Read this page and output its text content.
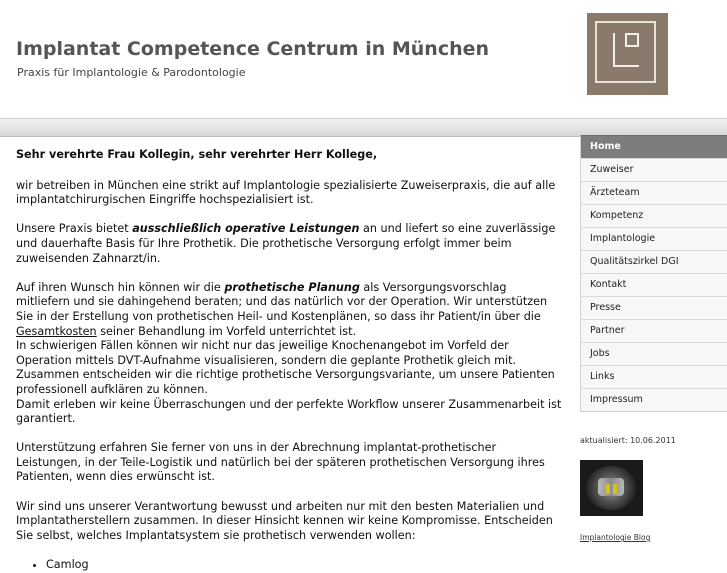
Implantat Competence Centrum in München
Praxis für Implantologie & Parodontologie

Sehr verehrte Frau Kollegin, sehr verehrter Herr Kollege,

wir betreiben in München eine strikt auf Implantologie spezialisierte Zuweiserpraxis, die auf alle implantatchirurgischen Eingriffe hochspezialisiert ist.

Unsere Praxis bietet ausschließlich operative Leistungen an und liefert so eine zuverlässige und dauerhafte Basis für Ihre Prothetik. Die prothetische Versorgung erfolgt immer beim zuweisenden Zahnarzt/in.

Auf ihren Wunsch hin können wir die prothetische Planung als Versorgungsvorschlag mitliefern und sie dahingehend beraten; und das natürlich vor der Operation. Wir unterstützen Sie in der Erstellung von prothetischen Heil- und Kostenplänen, so dass ihr Patient/in über die Gesamtkosten seiner Behandlung im Vorfeld unterrichtet ist.
In schwierigen Fällen können wir nicht nur das jeweilige Knochenangebot im Vorfeld der Operation mittels DVT-Aufnahme visualisieren, sondern die geplante Prothetik gleich mit. Zusammen entscheiden wir die richtige prothetische Versorgungsvariante, um unsere Patienten professionell aufklären zu können.
Damit erleben wir keine Überraschungen und der perfekte Workflow unserer Zusammenarbeit ist garantiert.

Unterstützung erfahren Sie ferner von uns in der Abrechnung implantat-prothetischer Leistungen, in der Teile-Logistik und natürlich bei der späteren prothetischen Versorgung ihres Patienten, wenn dies erwünscht ist.

Wir sind uns unserer Verantwortung bewusst und arbeiten nur mit den besten Materialien und Implantatherstellern zusammen. In dieser Hinsicht kennen wir keine Kompromisse. Entscheiden Sie selbst, welches Implantatsystem sie prothetisch verwenden wollen:

• Camlog
Home
Zuweiser
Ärzteteam
Kompetenz
Implantologie
Qualitätszirkel DGI
Kontakt
Presse
Partner
Jobs
Links
Impressum
aktualisiert: 10.06.2011
Implantologie Blog
